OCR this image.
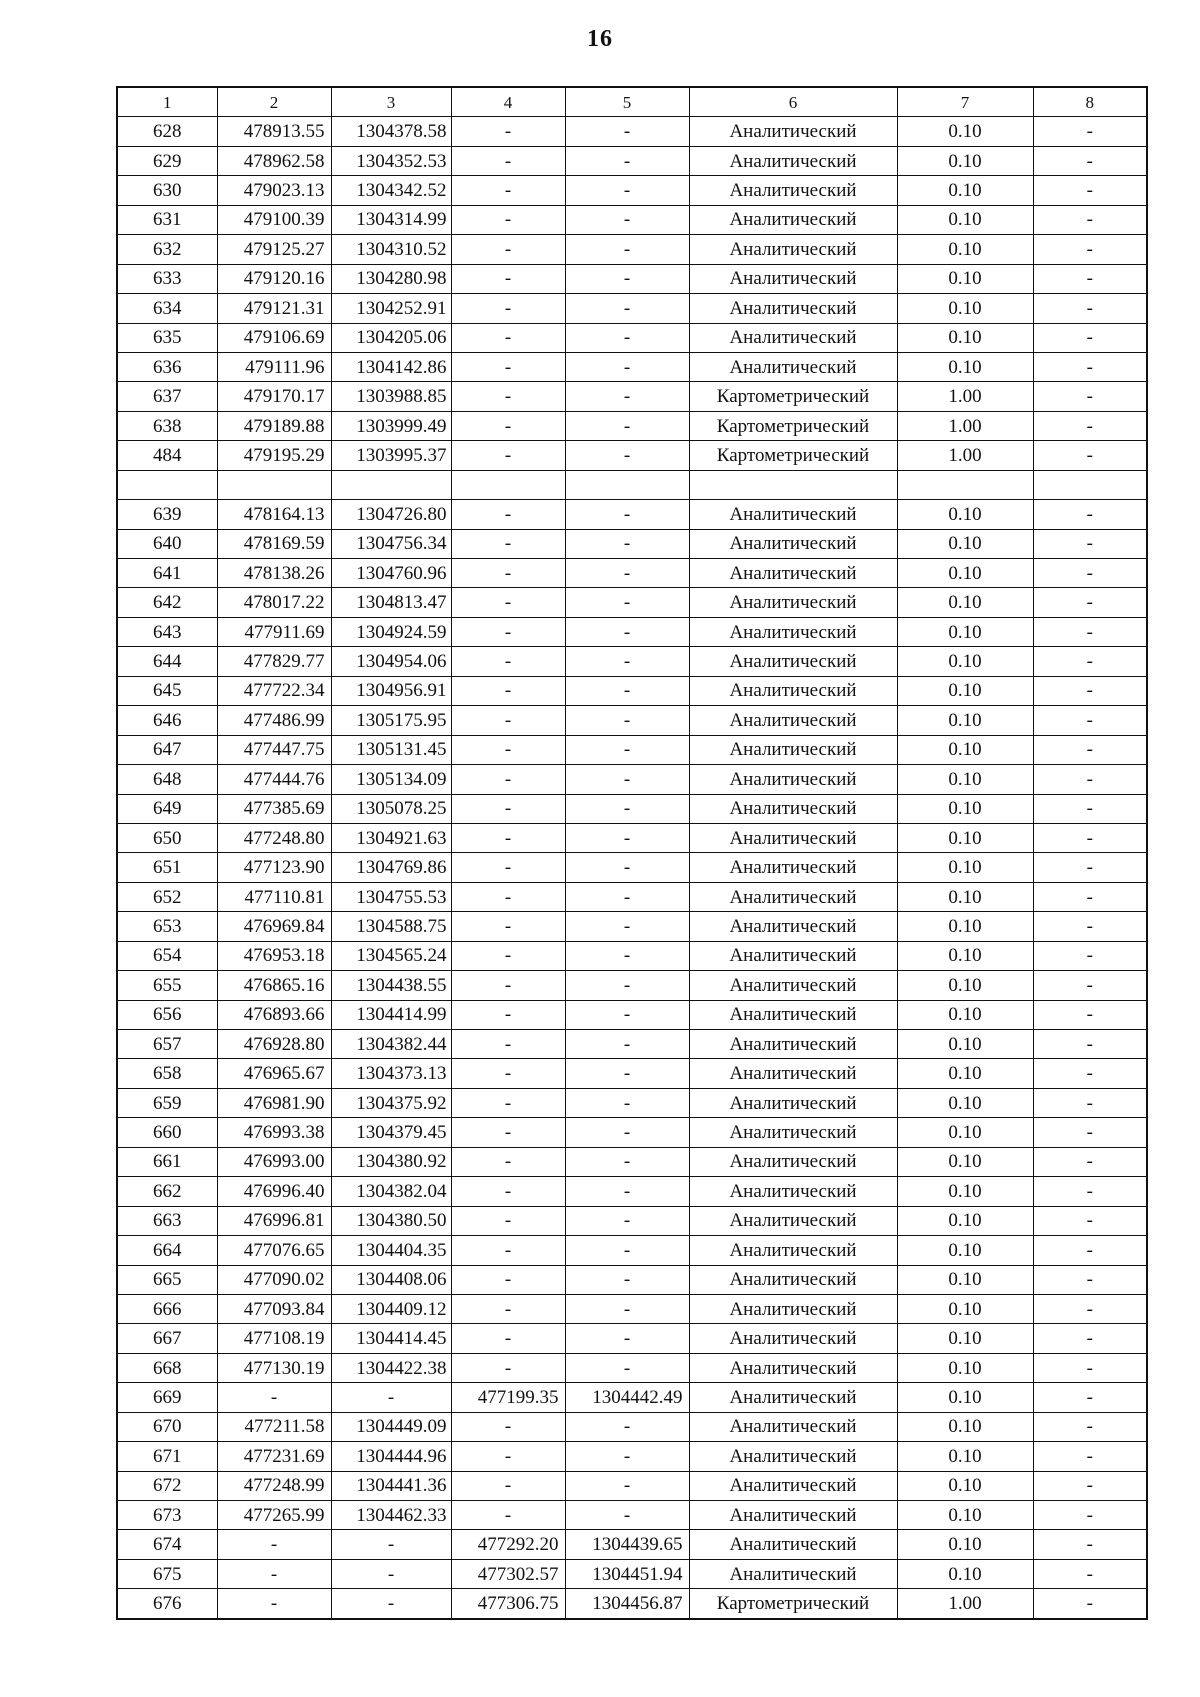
16
1	2	3	4	5	6	7	8
628	478913.55	1304378.58	-	-	Аналитический	0.10	-
629	478962.58	1304352.53	-	-	Аналитический	0.10	-
630	479023.13	1304342.52	-	-	Аналитический	0.10	-
631	479100.39	1304314.99	-	-	Аналитический	0.10	-
632	479125.27	1304310.52	-	-	Аналитический	0.10	-
633	479120.16	1304280.98	-	-	Аналитический	0.10	-
634	479121.31	1304252.91	-	-	Аналитический	0.10	-
635	479106.69	1304205.06	-	-	Аналитический	0.10	-
636	479111.96	1304142.86	-	-	Аналитический	0.10	-
637	479170.17	1303988.85	-	-	Картометрический	1.00	-
638	479189.88	1303999.49	-	-	Картометрический	1.00	-
484	479195.29	1303995.37	-	-	Картометрический	1.00	-

639	478164.13	1304726.80	-	-	Аналитический	0.10	-
640	478169.59	1304756.34	-	-	Аналитический	0.10	-
641	478138.26	1304760.96	-	-	Аналитический	0.10	-
642	478017.22	1304813.47	-	-	Аналитический	0.10	-
643	477911.69	1304924.59	-	-	Аналитический	0.10	-
644	477829.77	1304954.06	-	-	Аналитический	0.10	-
645	477722.34	1304956.91	-	-	Аналитический	0.10	-
646	477486.99	1305175.95	-	-	Аналитический	0.10	-
647	477447.75	1305131.45	-	-	Аналитический	0.10	-
648	477444.76	1305134.09	-	-	Аналитический	0.10	-
649	477385.69	1305078.25	-	-	Аналитический	0.10	-
650	477248.80	1304921.63	-	-	Аналитический	0.10	-
651	477123.90	1304769.86	-	-	Аналитический	0.10	-
652	477110.81	1304755.53	-	-	Аналитический	0.10	-
653	476969.84	1304588.75	-	-	Аналитический	0.10	-
654	476953.18	1304565.24	-	-	Аналитический	0.10	-
655	476865.16	1304438.55	-	-	Аналитический	0.10	-
656	476893.66	1304414.99	-	-	Аналитический	0.10	-
657	476928.80	1304382.44	-	-	Аналитический	0.10	-
658	476965.67	1304373.13	-	-	Аналитический	0.10	-
659	476981.90	1304375.92	-	-	Аналитический	0.10	-
660	476993.38	1304379.45	-	-	Аналитический	0.10	-
661	476993.00	1304380.92	-	-	Аналитический	0.10	-
662	476996.40	1304382.04	-	-	Аналитический	0.10	-
663	476996.81	1304380.50	-	-	Аналитический	0.10	-
664	477076.65	1304404.35	-	-	Аналитический	0.10	-
665	477090.02	1304408.06	-	-	Аналитический	0.10	-
666	477093.84	1304409.12	-	-	Аналитический	0.10	-
667	477108.19	1304414.45	-	-	Аналитический	0.10	-
668	477130.19	1304422.38	-	-	Аналитический	0.10	-
669	-	-	477199.35	1304442.49	Аналитический	0.10	-
670	477211.58	1304449.09	-	-	Аналитический	0.10	-
671	477231.69	1304444.96	-	-	Аналитический	0.10	-
672	477248.99	1304441.36	-	-	Аналитический	0.10	-
673	477265.99	1304462.33	-	-	Аналитический	0.10	-
674	-	-	477292.20	1304439.65	Аналитический	0.10	-
675	-	-	477302.57	1304451.94	Аналитический	0.10	-
676	-	-	477306.75	1304456.87	Картометрический	1.00	-
